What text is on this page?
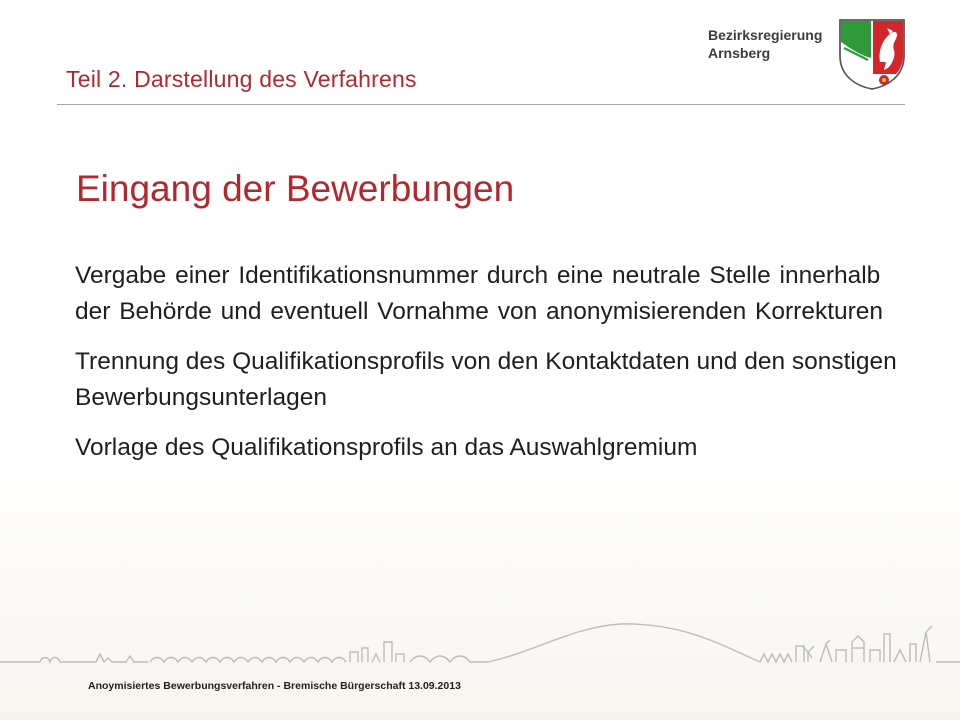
Teil 2. Darstellung des Verfahrens
Bezirksregierung
Arnsberg
Eingang der Bewerbungen
Vergabe einer Identifikationsnummer durch eine neutrale Stelle innerhalb der Behörde und eventuell Vornahme von anonymisierenden Korrekturen
Trennung des Qualifikationsprofils von den Kontaktdaten und den sonstigen Bewerbungsunterlagen
Vorlage des Qualifikationsprofils an das Auswahlgremium
Anoymisiertes Bewerbungsverfahren - Bremische Bürgerschaft 13.09.2013
